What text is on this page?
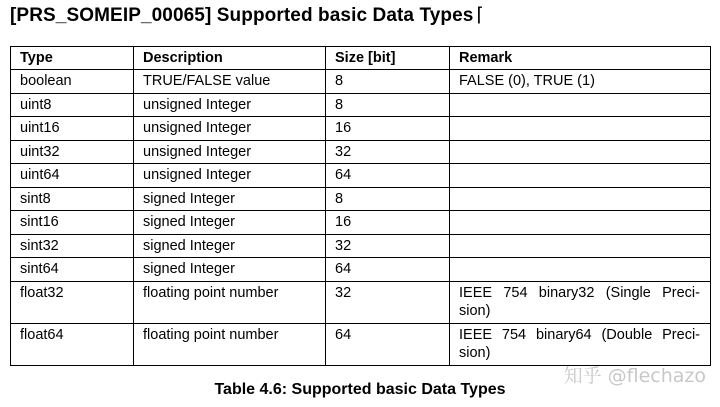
[PRS_SOMEIP_00065] Supported basic Data Types ⌈
Type	Description	Size [bit]	Remark
boolean	TRUE/FALSE value	8	FALSE (0), TRUE (1)
uint8	unsigned Integer	8	
uint16	unsigned Integer	16	
uint32	unsigned Integer	32	
uint64	unsigned Integer	64	
sint8	signed Integer	8	
sint16	signed Integer	16	
sint32	signed Integer	32	
sint64	signed Integer	64	
float32	floating point number	32	IEEE 754 binary32 (Single Preci-sion)
float64	floating point number	64	IEEE 754 binary64 (Double Preci-sion)
Table 4.6: Supported basic Data Types
知乎 @flechazo
